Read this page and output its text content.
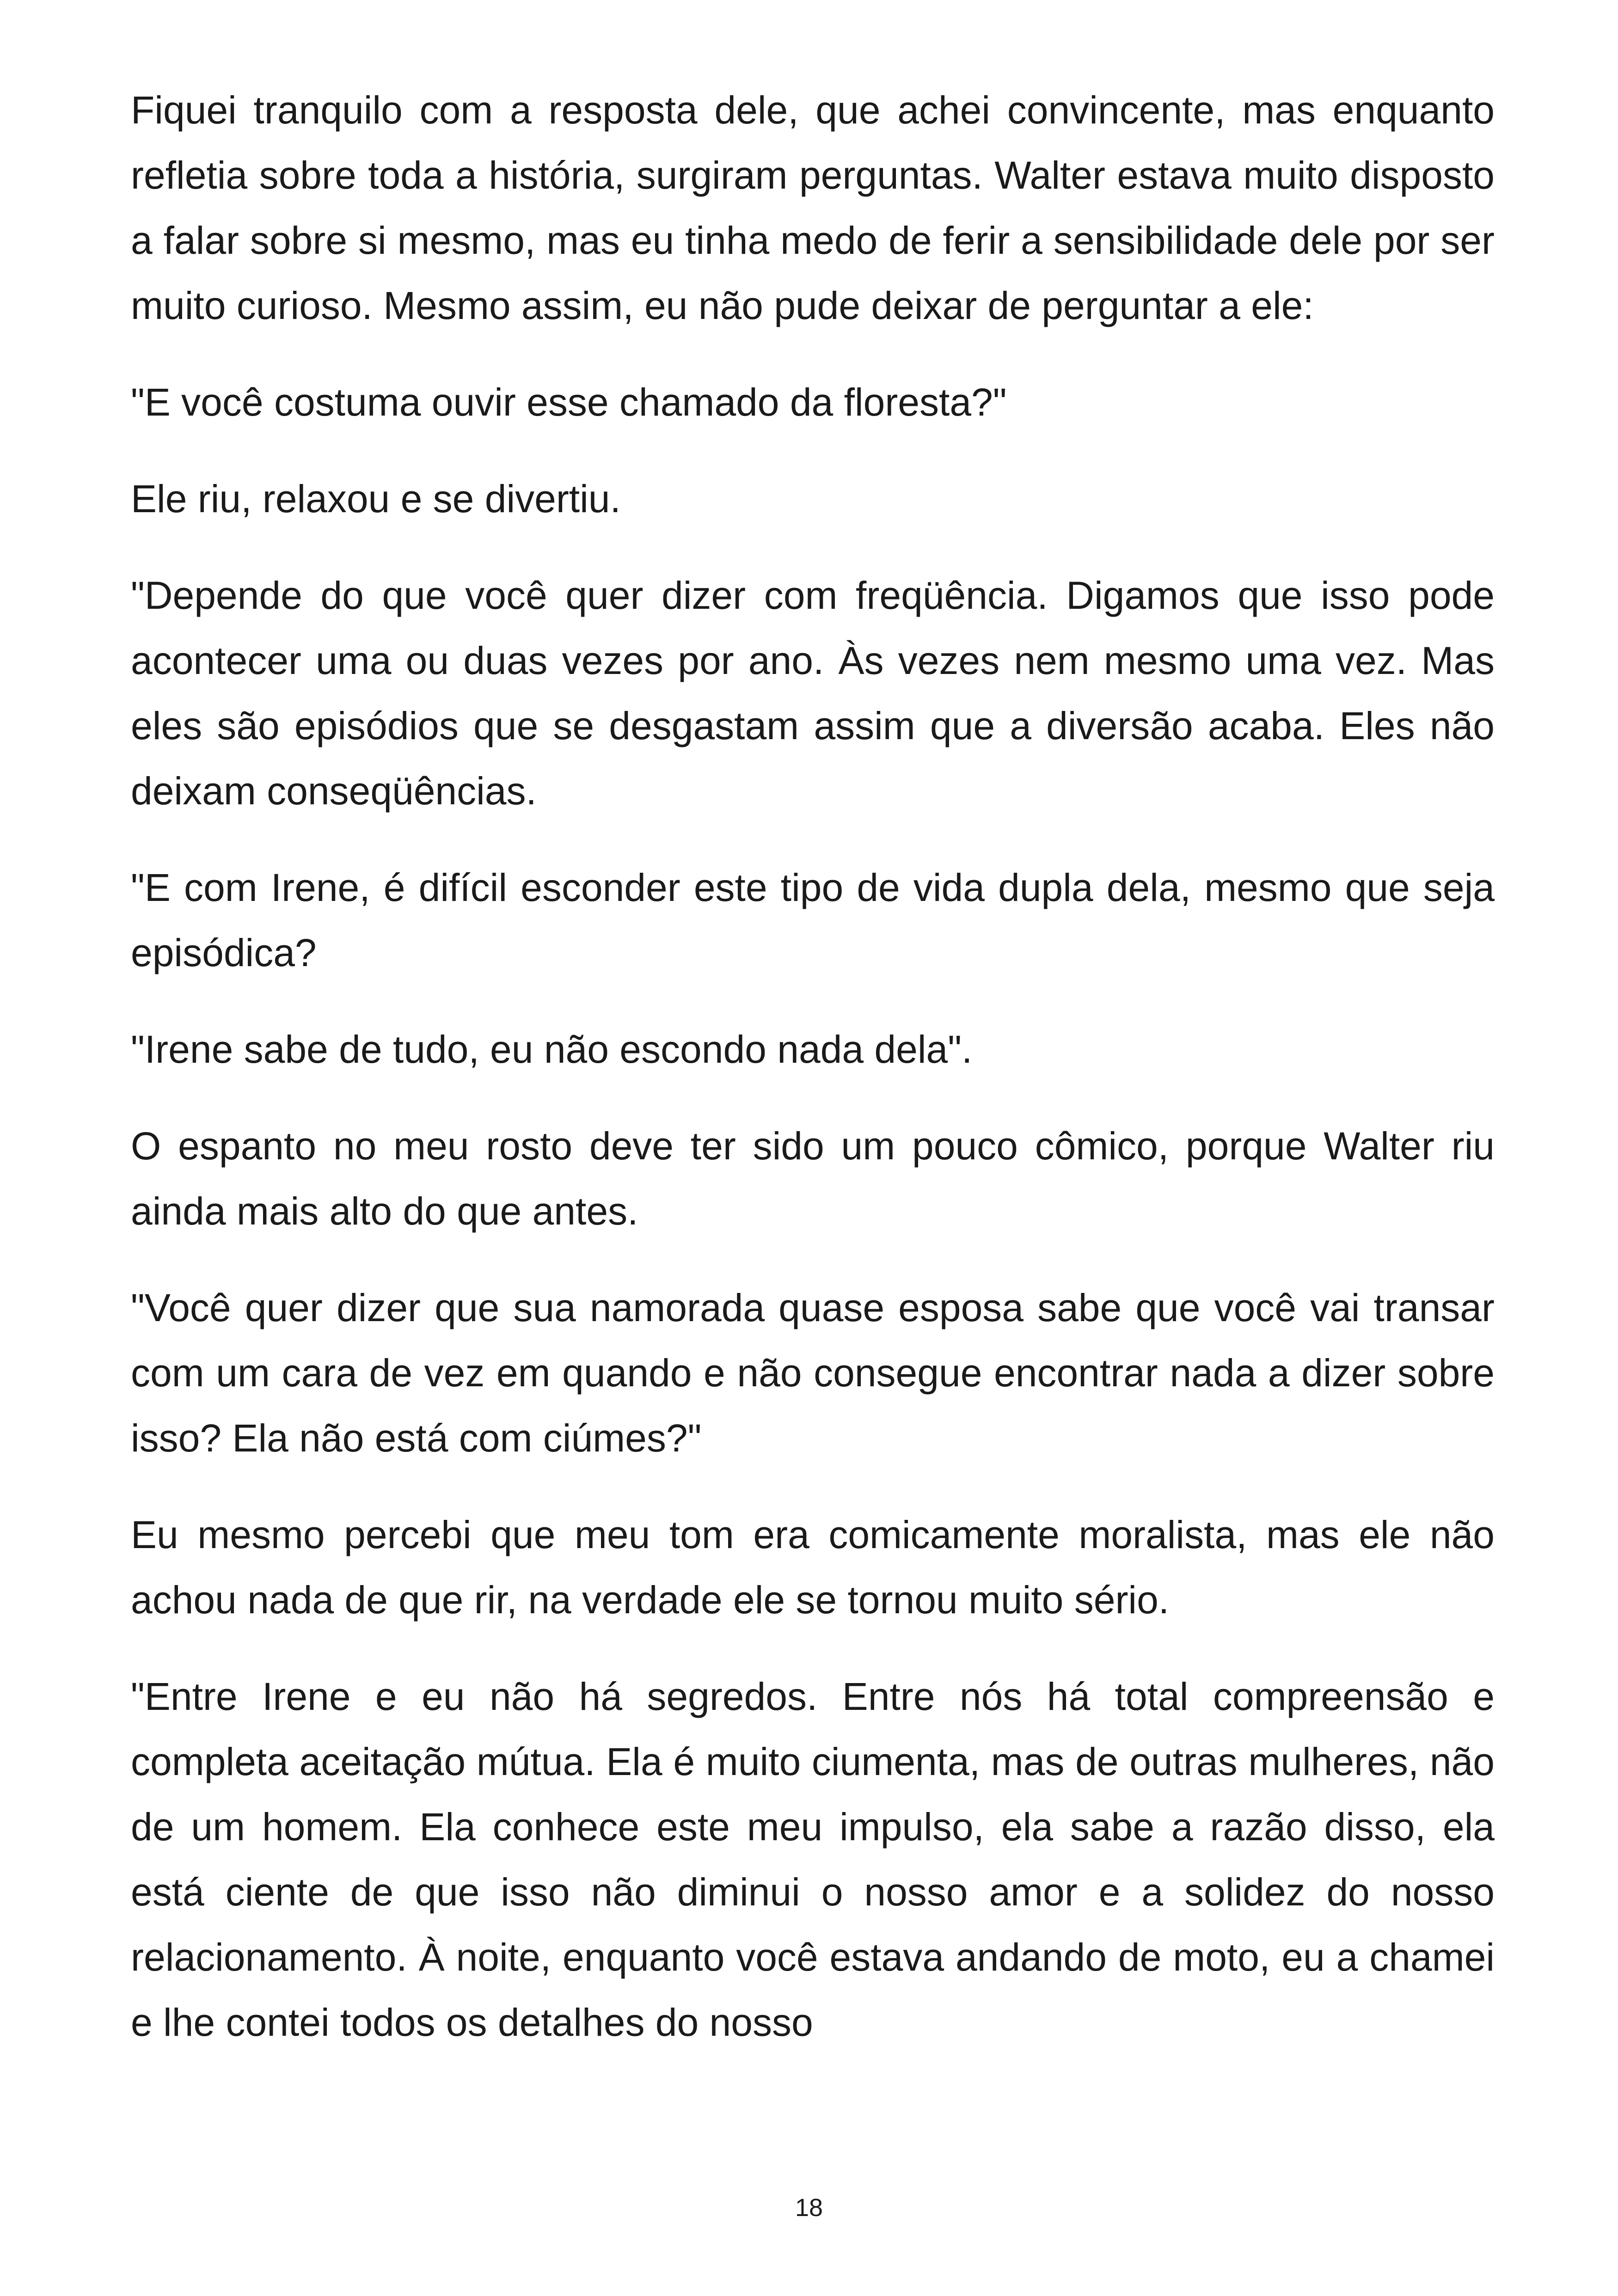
Fiquei tranquilo com a resposta dele, que achei convincente, mas enquanto refletia sobre toda a história, surgiram perguntas. Walter estava muito disposto a falar sobre si mesmo, mas eu tinha medo de ferir a sensibilidade dele por ser muito curioso. Mesmo assim, eu não pude deixar de perguntar a ele:

"E você costuma ouvir esse chamado da floresta?"

Ele riu, relaxou e se divertiu.

"Depende do que você quer dizer com freqüência. Digamos que isso pode acontecer uma ou duas vezes por ano. Às vezes nem mesmo uma vez. Mas eles são episódios que se desgastam assim que a diversão acaba. Eles não deixam conseqüências.

"E com Irene, é difícil esconder este tipo de vida dupla dela, mesmo que seja episódica?

"Irene sabe de tudo, eu não escondo nada dela".

O espanto no meu rosto deve ter sido um pouco cômico, porque Walter riu ainda mais alto do que antes.

"Você quer dizer que sua namorada quase esposa sabe que você vai transar com um cara de vez em quando e não consegue encontrar nada a dizer sobre isso? Ela não está com ciúmes?"

Eu mesmo percebi que meu tom era comicamente moralista, mas ele não achou nada de que rir, na verdade ele se tornou muito sério.

"Entre Irene e eu não há segredos. Entre nós há total compreensão e completa aceitação mútua. Ela é muito ciumenta, mas de outras mulheres, não de um homem. Ela conhece este meu impulso, ela sabe a razão disso, ela está ciente de que isso não diminui o nosso amor e a solidez do nosso relacionamento. À noite, enquanto você estava andando de moto, eu a chamei e lhe contei todos os detalhes do nosso

18
